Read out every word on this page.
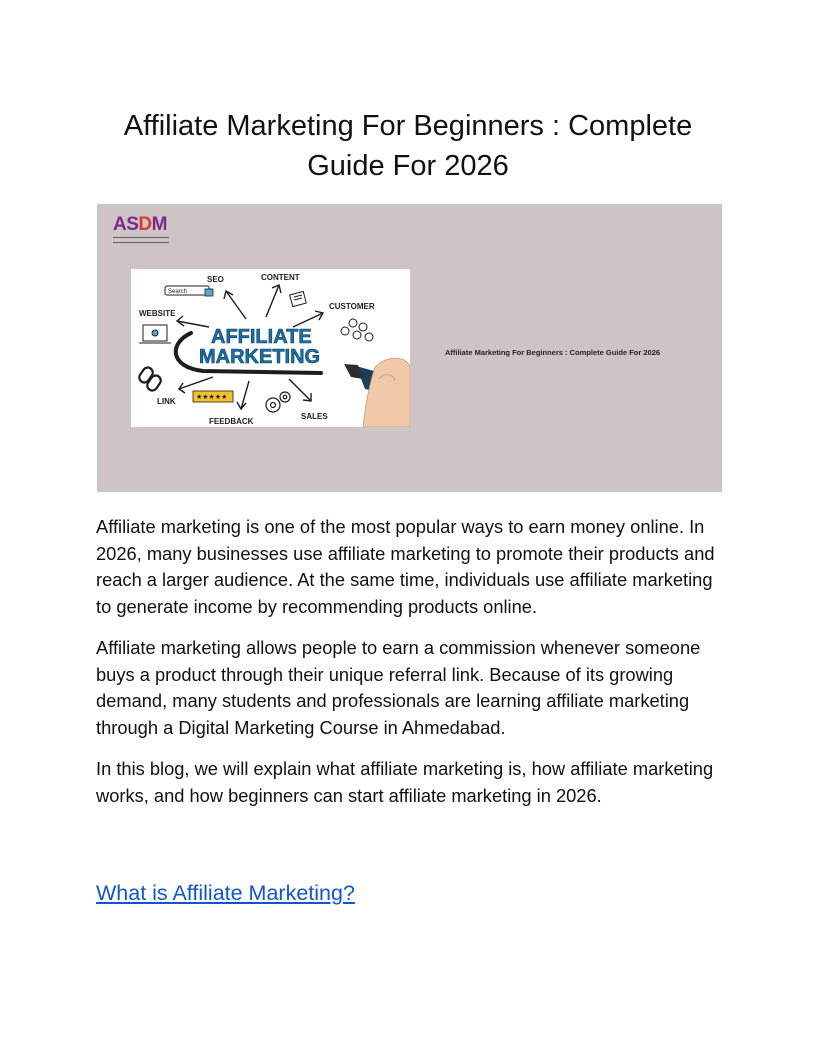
Affiliate Marketing For Beginners : Complete Guide For 2026
ASDM
AFFILIATE
MARKETING
SEO	CONTENT
CUSTOMER
WEBSITE
LINK
FEEDBACK
SALES
Search
★★★★★
Affiliate Marketing For Beginners : Complete Guide For 2026

Affiliate marketing is one of the most popular ways to earn money online. In 2026, many businesses use affiliate marketing to promote their products and reach a larger audience. At the same time, individuals use affiliate marketing to generate income by recommending products online.

Affiliate marketing allows people to earn a commission whenever someone buys a product through their unique referral link. Because of its growing demand, many students and professionals are learning affiliate marketing through a Digital Marketing Course in Ahmedabad.

In this blog, we will explain what affiliate marketing is, how affiliate marketing works, and how beginners can start affiliate marketing in 2026.

What is Affiliate Marketing?
